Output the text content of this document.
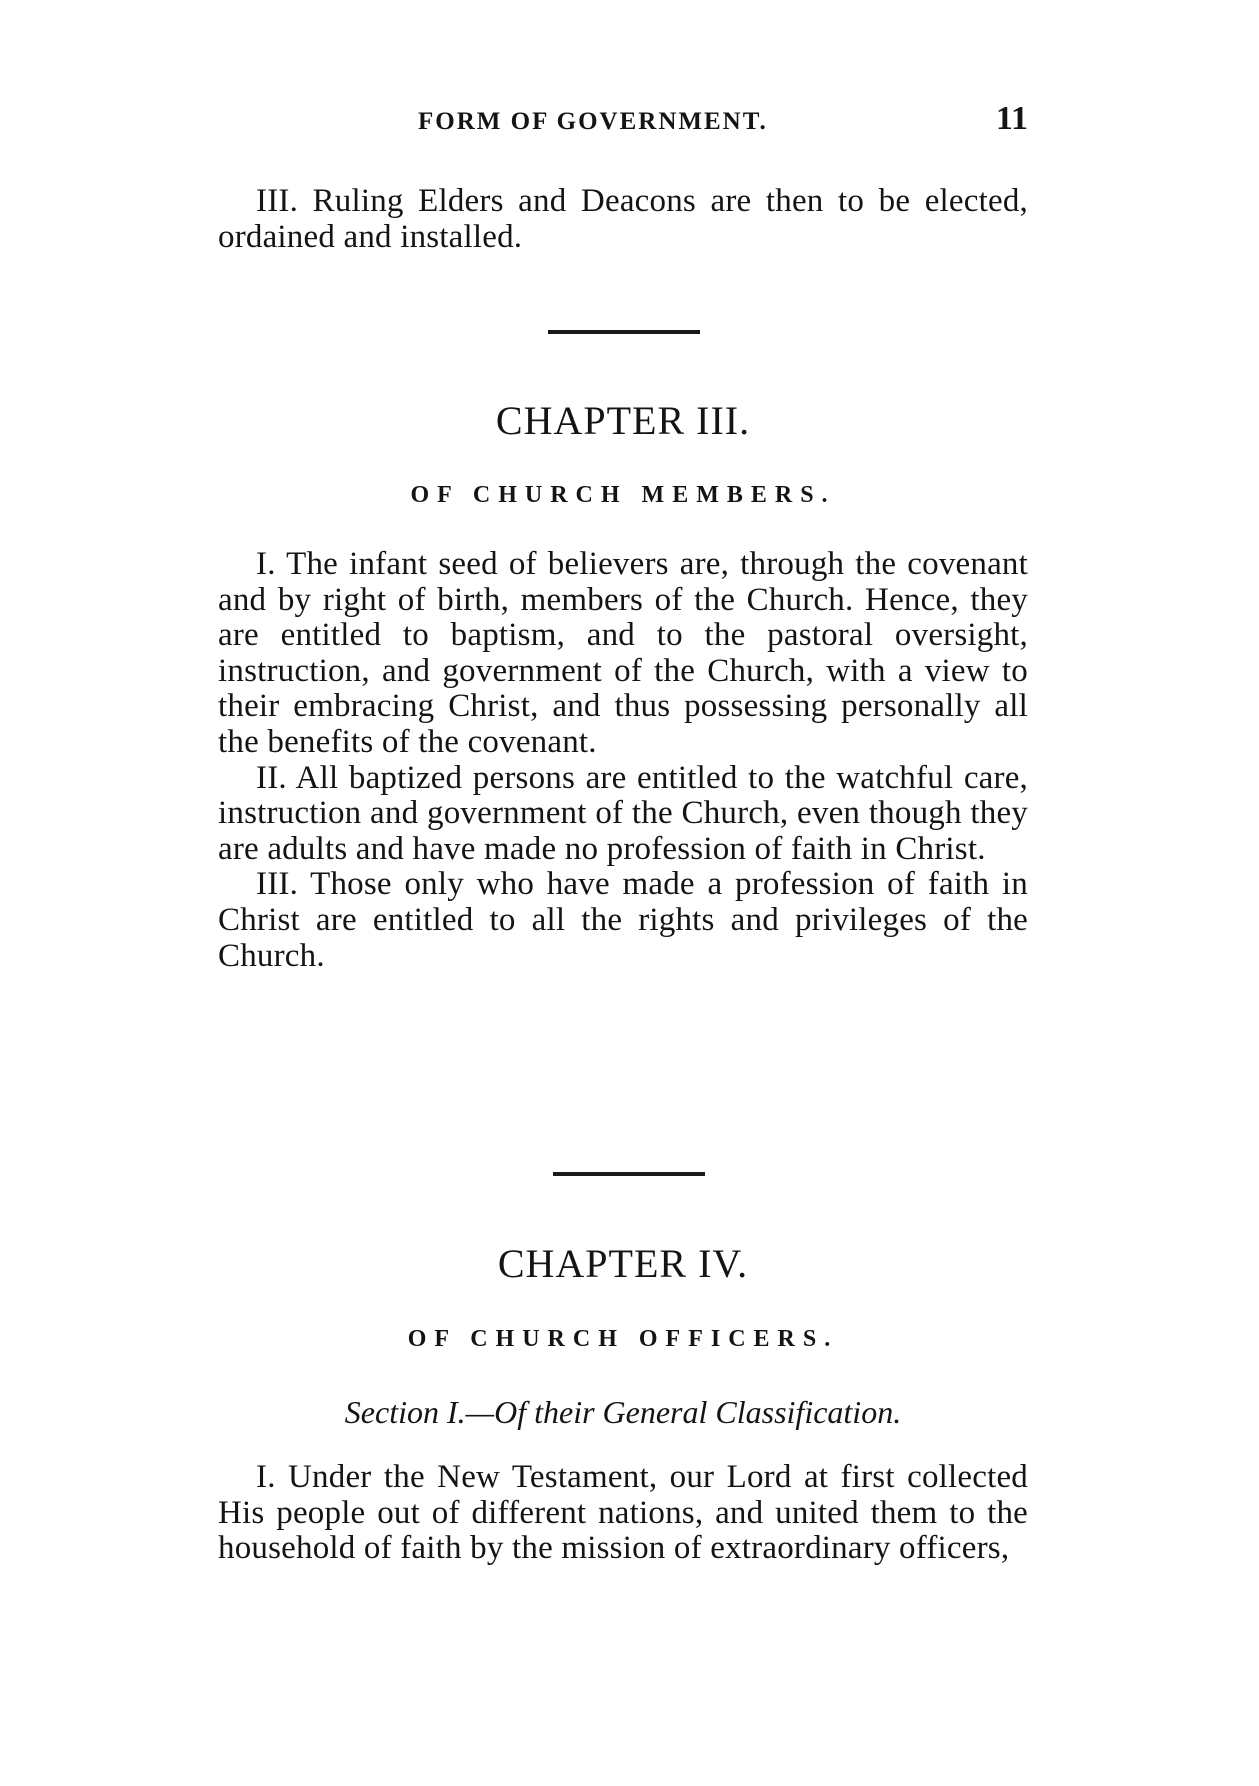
FORM OF GOVERNMENT.	11

III. Ruling Elders and Deacons are then to be elected, ordained and installed.

CHAPTER III.
OF CHURCH MEMBERS.

I. The infant seed of believers are, through the covenant and by right of birth, members of the Church. Hence, they are entitled to baptism, and to the pastoral oversight, instruction, and government of the Church, with a view to their embracing Christ, and thus possessing personally all the benefits of the covenant.

II. All baptized persons are entitled to the watchful care, instruction and government of the Church, even though they are adults and have made no profession of faith in Christ.

III. Those only who have made a profession of faith in Christ are entitled to all the rights and privileges of the Church.

CHAPTER IV.
OF CHURCH OFFICERS.
Section I.—Of their General Classification.

I. Under the New Testament, our Lord at first collected His people out of different nations, and united them to the household of faith by the mission of extraordinary officers,
